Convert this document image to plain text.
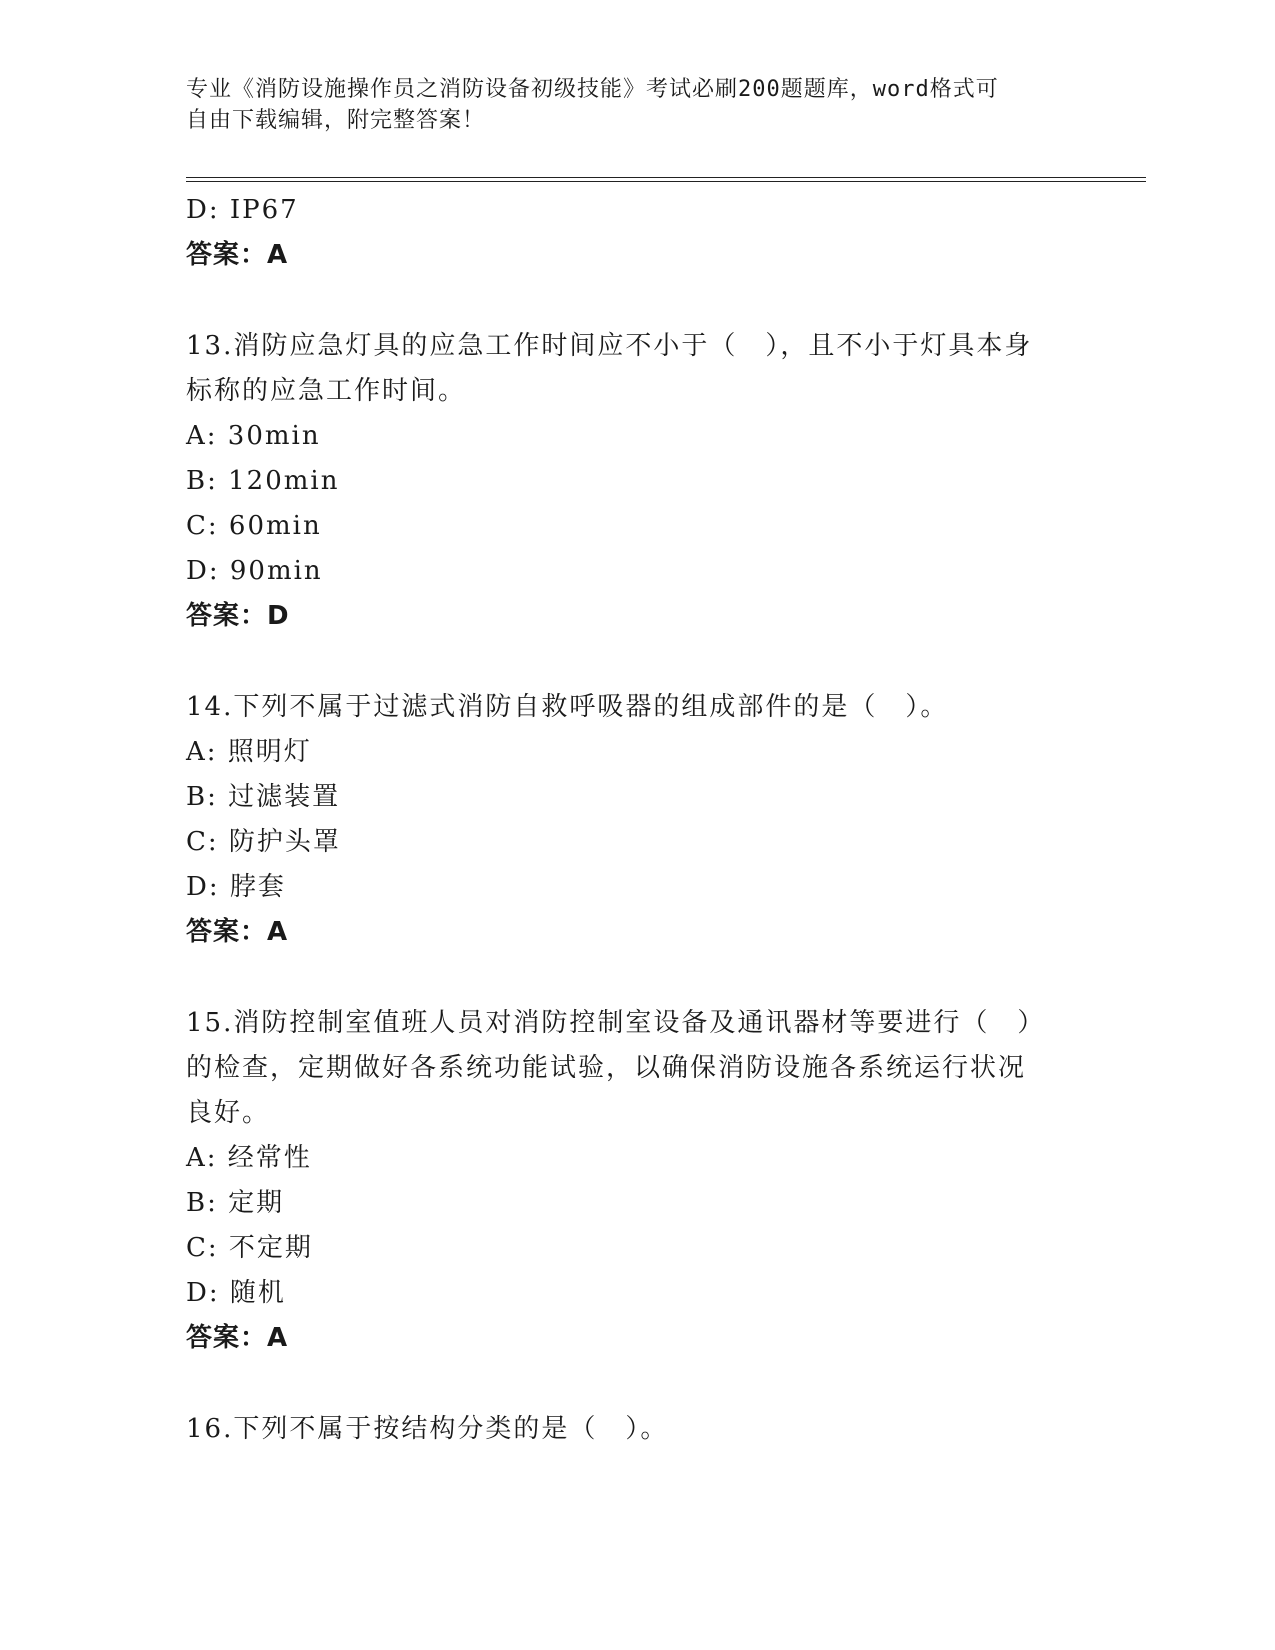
专业《消防设施操作员之消防设备初级技能》考试必刷200题题库，word格式可
自由下载编辑，附完整答案！
D: IP67
答案：A
13.消防应急灯具的应急工作时间应不小于（　），且不小于灯具本身
标称的应急工作时间。
A: 30min
B: 120min
C: 60min
D: 90min
答案：D
14.下列不属于过滤式消防自救呼吸器的组成部件的是（　）。
A: 照明灯
B: 过滤装置
C: 防护头罩
D: 脖套
答案：A
15.消防控制室值班人员对消防控制室设备及通讯器材等要进行（　）
的检查，定期做好各系统功能试验，以确保消防设施各系统运行状况
良好。
A: 经常性
B: 定期
C: 不定期
D: 随机
答案：A
16.下列不属于按结构分类的是（　）。
